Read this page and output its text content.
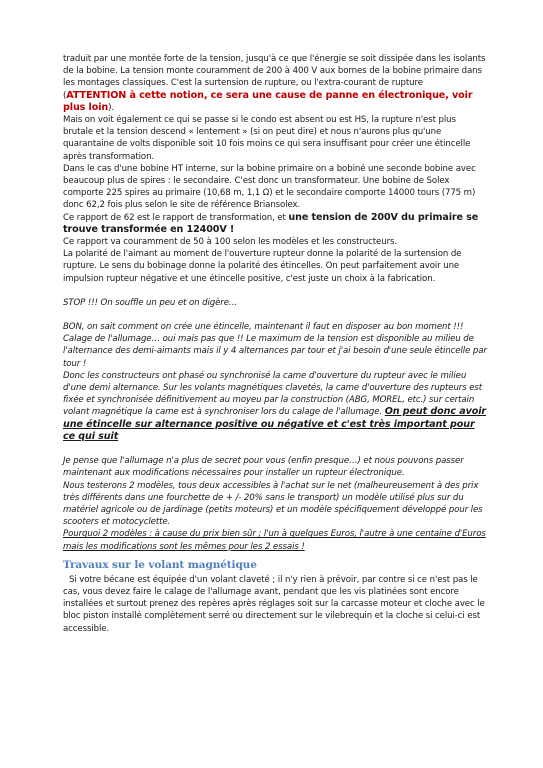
traduit par une montée forte de la tension, jusqu'à ce que l'énergie se soit dissipée dans les isolants de la bobine. La tension monte couramment de 200 à 400 V aux bornes de la bobine primaire dans les montages classiques. C'est la surtension de rupture, ou l'extra-courant de rupture (ATTENTION à cette notion, ce sera une cause de panne en électronique, voir plus loin).

Mais on voit également ce qui se passe si le condo est absent ou est HS, la rupture n'est plus brutale et la tension descend « lentement » (si on peut dire) et nous n'aurons plus qu'une quarantaine de volts disponible soit 10 fois moins ce qui sera insuffisant pour créer une étincelle après transformation.

Dans le cas d'une bobine HT interne, sur la bobine primaire on a bobiné une seconde bobine avec beaucoup plus de spires : le secondaire. C'est donc un transformateur. Une bobine de Solex comporte 225 spires au primaire (10,68 m, 1,1 Ω) et le secondaire comporte 14000 tours (775 m) donc 62,2 fois plus selon le site de référence Briansolex.

Ce rapport de 62 est le rapport de transformation, et une tension de 200V du primaire se trouve transformée en 12400V !

Ce rapport va couramment de 50 à 100 selon les modèles et les constructeurs.

La polarité de l'aimant au moment de l'ouverture rupteur donne la polarité de la surtension de rupture. Le sens du bobinage donne la polarité des étincelles. On peut parfaitement avoir une impulsion rupteur négative et une étincelle positive, c'est juste un choix à la fabrication.

STOP !!! On souffle un peu et on digère…

BON, on sait comment on crée une étincelle, maintenant il faut en disposer au bon moment !!! Calage de l'allumage… oui mais pas que !! Le maximum de la tension est disponible au milieu de l'alternance des demi-aimants mais il y 4 alternances par tour et j'ai besoin d'une seule étincelle par tour !

Donc les constructeurs ont phasé ou synchronisé la came d'ouverture du rupteur avec le milieu d'une demi alternance. Sur les volants magnétiques clavetés, la came d'ouverture des rupteurs est fixée et synchronisée définitivement au moyeu par la construction (ABG, MOREL, etc.) sur certain volant magnétique la came est à synchroniser lors du calage de l'allumage. On peut donc avoir une étincelle sur alternance positive ou négative et c'est très important pour ce qui suit

Je pense que l'allumage n'a plus de secret pour vous (enfin presque…) et nous pouvons passer maintenant aux modifications nécessaires pour installer un rupteur électronique.

Nous testerons 2 modèles, tous deux accessibles à l'achat sur le net (malheureusement à des prix très différents dans une fourchette de + /- 20% sans le transport) un modèle utilisé plus sur du matériel agricole ou de jardinage (petits moteurs) et un modèle spécifiquement développé pour les scooters et motocyclette.

Pourquoi 2 modèles : à cause du prix bien sûr ; l'un à quelques Euros, l'autre à une centaine d'Euros mais les modifications sont les mêmes pour les 2 essais !

Travaux sur le volant magnétique

Si votre bécane est équipée d'un volant claveté ; il n'y rien à prévoir, par contre si ce n'est pas le cas, vous devez faire le calage de l'allumage avant, pendant que les vis platinées sont encore installées et surtout prenez des repères après réglages soit sur la carcasse moteur et cloche avec le bloc piston installé complètement serré ou directement sur le vilebrequin et la cloche si celui-ci est accessible.
